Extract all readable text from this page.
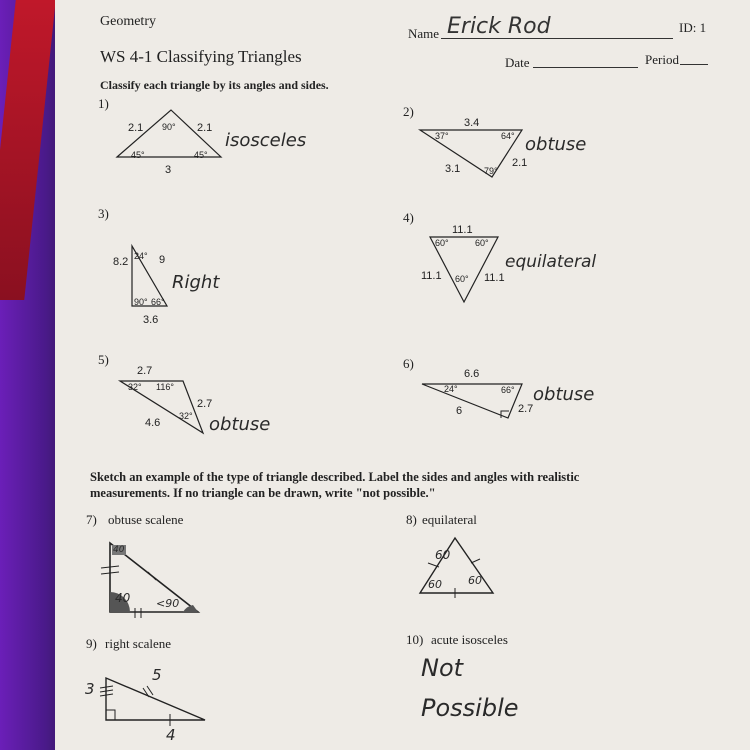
Geometry
Name Erick Rod	ID: 1
WS 4-1 Classifying Triangles	Date	Period
Classify each triangle by its angles and sides.
1)
90°
45°	45°
2.1	2.1
3
isosceles
2)
3.4
37°	64°
79°
3.1	2.1
obtuse
3)
24°
90° 66°
8.2	9
3.6
Right
4)
11.1
60°	60°
60°
11.1	11.1
equilateral
5)
2.7
32° 116°
32°
4.6
2.7
obtuse
6)
6.6
24°	66°
6	2.7
obtuse
Sketch an example of the type of triangle described. Label the sides and angles with realistic
measurements. If no triangle can be drawn, write "not possible."
7) obtuse scalene
40
40 <90
8) equilateral
60
60 60
9) right scalene
3
5
4
10) acute isosceles
Not
Possible
